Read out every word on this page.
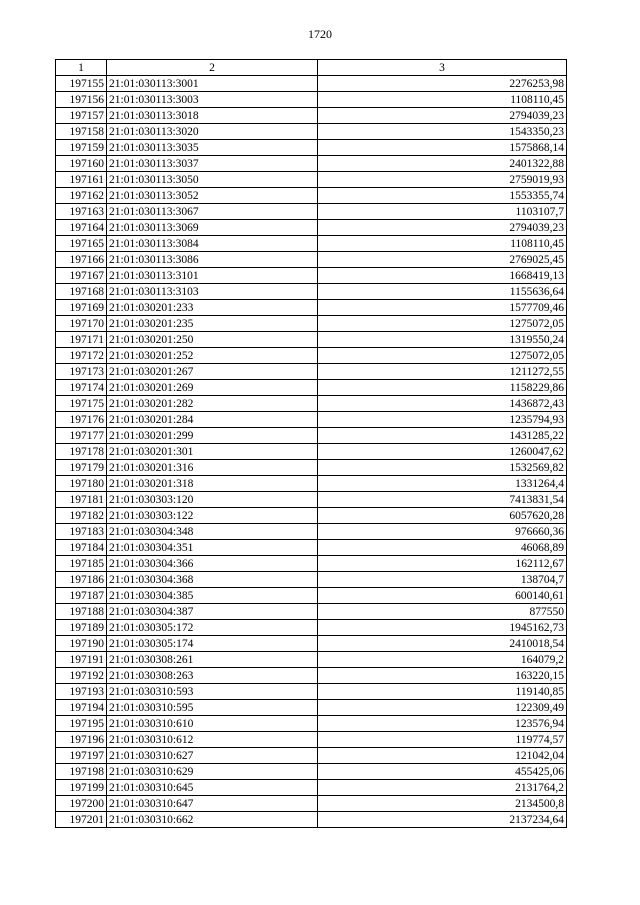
1720
1	2	3
197155	21:01:030113:3001	2276253,98
197156	21:01:030113:3003	1108110,45
197157	21:01:030113:3018	2794039,23
197158	21:01:030113:3020	1543350,23
197159	21:01:030113:3035	1575868,14
197160	21:01:030113:3037	2401322,88
197161	21:01:030113:3050	2759019,93
197162	21:01:030113:3052	1553355,74
197163	21:01:030113:3067	1103107,7
197164	21:01:030113:3069	2794039,23
197165	21:01:030113:3084	1108110,45
197166	21:01:030113:3086	2769025,45
197167	21:01:030113:3101	1668419,13
197168	21:01:030113:3103	1155636,64
197169	21:01:030201:233	1577709,46
197170	21:01:030201:235	1275072,05
197171	21:01:030201:250	1319550,24
197172	21:01:030201:252	1275072,05
197173	21:01:030201:267	1211272,55
197174	21:01:030201:269	1158229,86
197175	21:01:030201:282	1436872,43
197176	21:01:030201:284	1235794,93
197177	21:01:030201:299	1431285,22
197178	21:01:030201:301	1260047,62
197179	21:01:030201:316	1532569,82
197180	21:01:030201:318	1331264,4
197181	21:01:030303:120	7413831,54
197182	21:01:030303:122	6057620,28
197183	21:01:030304:348	976660,36
197184	21:01:030304:351	46068,89
197185	21:01:030304:366	162112,67
197186	21:01:030304:368	138704,7
197187	21:01:030304:385	600140,61
197188	21:01:030304:387	877550
197189	21:01:030305:172	1945162,73
197190	21:01:030305:174	2410018,54
197191	21:01:030308:261	164079,2
197192	21:01:030308:263	163220,15
197193	21:01:030310:593	119140,85
197194	21:01:030310:595	122309,49
197195	21:01:030310:610	123576,94
197196	21:01:030310:612	119774,57
197197	21:01:030310:627	121042,04
197198	21:01:030310:629	455425,06
197199	21:01:030310:645	2131764,2
197200	21:01:030310:647	2134500,8
197201	21:01:030310:662	2137234,64
